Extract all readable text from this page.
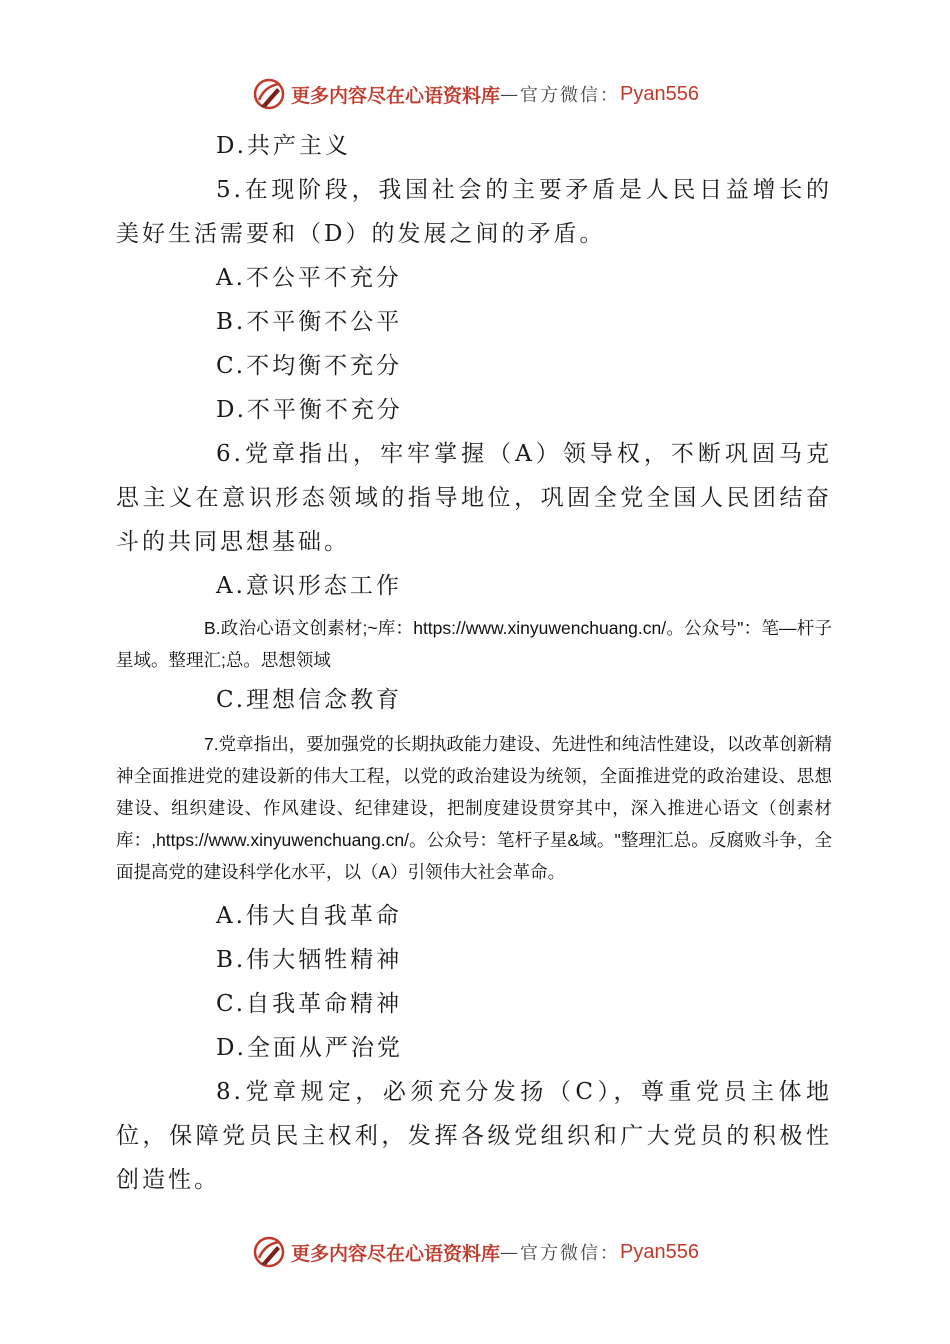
更多内容尽在心语资料库 — 官方微信： Pyan556
D.共产主义
5.在现阶段，我国社会的主要矛盾是人民日益增长的美好生活需要和（D）的发展之间的矛盾。
A.不公平不充分
B.不平衡不公平
C.不均衡不充分
D.不平衡不充分
6.党章指出，牢牢掌握（A）领导权，不断巩固马克思主义在意识形态领域的指导地位，巩固全党全国人民团结奋斗的共同思想基础。
A.意识形态工作
B.政治心语文创素材;~库：https://www.xinyuwenchuang.cn/。公众号"：笔—杆子星域。整理汇;总。思想领域
C.理想信念教育
7.党章指出，要加强党的长期执政能力建设、先进性和纯洁性建设，以改革创新精神全面推进党的建设新的伟大工程，以党的政治建设为统领，全面推进党的政治建设、思想建设、组织建设、作风建设、纪律建设，把制度建设贯穿其中，深入推进心语文（创素材库：,https://www.xinyuwenchuang.cn/。公众号：笔杆子星&域。"整理汇总。反腐败斗争，全面提高党的建设科学化水平，以（A）引领伟大社会革命。
A.伟大自我革命
B.伟大牺牲精神
C.自我革命精神
D.全面从严治党
8.党章规定，必须充分发扬（C），尊重党员主体地位，保障党员民主权利，发挥各级党组织和广大党员的积极性创造性。
更多内容尽在心语资料库 — 官方微信： Pyan556
